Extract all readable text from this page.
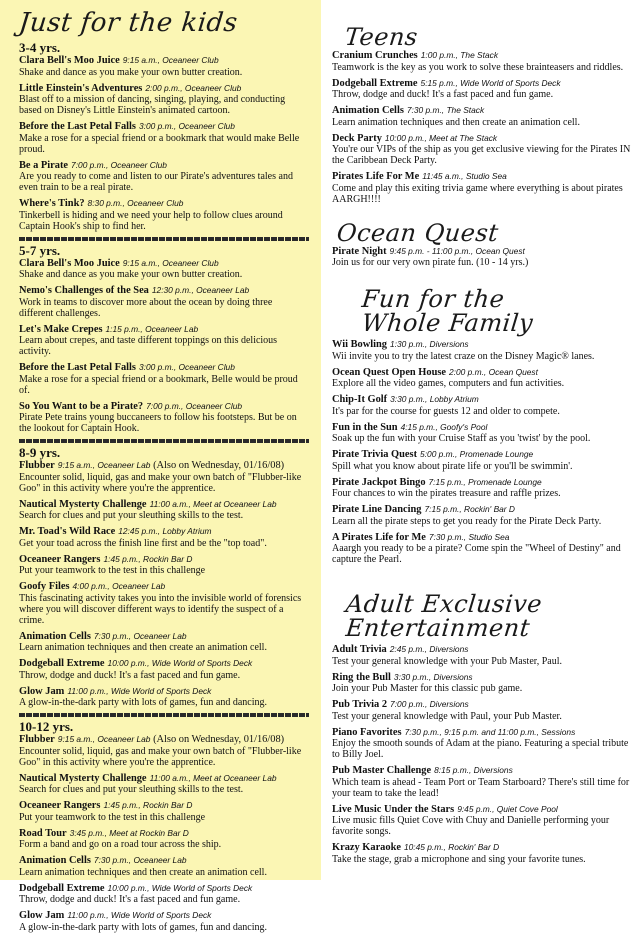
Just for the kids
3-4 yrs.
Clara Bell's Moo Juice 9:15 a.m., Oceaneer Club
Shake and dance as you make your own butter creation.
Little Einstein's Adventures 2:00 p.m., Oceaneer Club
Blast off to a mission of dancing, singing, playing, and conducting based on Disney's Little Einstein's animated cartoon.
Before the Last Petal Falls 3:00 p.m., Oceaneer Club
Make a rose for a special friend or a bookmark that would make Belle proud.
Be a Pirate 7:00 p.m., Oceaneer Club
Are you ready to come and listen to our Pirate's adventures tales and even train to be a real pirate.
Where's Tink? 8:30 p.m., Oceaneer Club
Tinkerbell is hiding and we need your help to follow clues around Captain Hook's ship to find her.
5-7 yrs.
Clara Bell's Moo Juice 9:15 a.m., Oceaneer Club
Shake and dance as you make your own butter creation.
Nemo's Challenges of the Sea 12:30 p.m., Oceaneer Lab
Work in teams to discover more about the ocean by doing three different challenges.
Let's Make Crepes 1:15 p.m., Oceaneer Lab
Learn about crepes, and taste different toppings on this delicious activity.
Before the Last Petal Falls 3:00 p.m., Oceaneer Club
Make a rose for a special friend or a bookmark, Belle would be proud of.
So You Want to be a Pirate? 7:00 p.m., Oceaneer Club
Pirate Pete trains young buccaneers to follow his footsteps. But be on the lookout for Captain Hook.
8-9 yrs.
Flubber 9:15 a.m., Oceaneer Lab (Also on Wednesday, 01/16/08)
Encounter solid, liquid, gas and make your own batch of "Flubber-like Goo" in this activity where you're the apprentice.
Nautical Mysterty Challenge 11:00 a.m., Meet at Oceaneer Lab
Search for clues and put your sleuthing skills to the test.
Mr. Toad's Wild Race 12:45 p.m., Lobby Atrium
Get your toad across the finish line first and be the "top toad".
Oceaneer Rangers 1:45 p.m., Rockin Bar D
Put your teamwork to the test in this challenge
Goofy Files 4:00 p.m., Oceaneer Lab
This fascinating activity takes you into the invisible world of forensics where you will discover different ways to identify the suspect of a crime.
Animation Cells 7:30 p.m., Oceaneer Lab
Learn animation techniques and then create an animation cell.
Dodgeball Extreme 10:00 p.m., Wide World of Sports Deck
Throw, dodge and duck! It's a fast paced and fun game.
Glow Jam 11:00 p.m., Wide World of Sports Deck
A glow-in-the-dark party with lots of games, fun and dancing.
10-12 yrs.
Flubber 9:15 a.m., Oceaneer Lab (Also on Wednesday, 01/16/08)
Encounter solid, liquid, gas and make your own batch of "Flubber-like Goo" in this activity where you're the apprentice.
Nautical Mysterty Challenge 11:00 a.m., Meet at Oceaneer Lab
Search for clues and put your sleuthing skills to the test.
Oceaneer Rangers 1:45 p.m., Rockin Bar D
Put your teamwork to the test in this challenge
Road Tour 3:45 p.m., Meet at Rockin Bar D
Form a band and go on a road tour across the ship.
Animation Cells 7:30 p.m., Oceaneer Lab
Learn animation techniques and then create an animation cell.
Dodgeball Extreme 10:00 p.m., Wide World of Sports Deck
Throw, dodge and duck! It's a fast paced and fun game.
Glow Jam 11:00 p.m., Wide World of Sports Deck
A glow-in-the-dark party with lots of games, fun and dancing.
Teens
Cranium Crunches 1:00 p.m., The Stack
Teamwork is the key as you work to solve these brainteasers and riddles.
Dodgeball Extreme 5:15 p.m., Wide World of Sports Deck
Throw, dodge and duck! It's a fast paced and fun game.
Animation Cells 7:30 p.m., The Stack
Learn animation techniques and then create an animation cell.
Deck Party 10:00 p.m., Meet at The Stack
You're our VIPs of the ship as you get exclusive viewing for the Pirates IN the Caribbean Deck Party.
Pirates Life For Me 11:45 a.m., Studio Sea
Come and play this exiting trivia game where everything is about pirates AARGH!!!!
Ocean Quest
Pirate Night 9:45 p.m. - 11:00 p.m., Ocean Quest
Join us for our very own pirate fun. (10 - 14 yrs.)
Fun for the
Whole Family
Wii Bowling 1:30 p.m., Diversions
Wii invite you to try the latest craze on the Disney Magic® lanes.
Ocean Quest Open House 2:00 p.m., Ocean Quest
Explore all the video games, computers and fun activities.
Chip-It Golf 3:30 p.m., Lobby Atrium
It's par for the course for guests 12 and older to compete.
Fun in the Sun 4:15 p.m., Goofy's Pool
Soak up the fun with your Cruise Staff as you 'twist' by the pool.
Pirate Trivia Quest 5:00 p.m., Promenade Lounge
Spill what you know about pirate life or you'll be swimmin'.
Pirate Jackpot Bingo 7:15 p.m., Promenade Lounge
Four chances to win the pirates treasure and raffle prizes.
Pirate Line Dancing 7:15 p.m., Rockin' Bar D
Learn all the pirate steps to get you ready for the Pirate Deck Party.
A Pirates Life for Me 7:30 p.m., Studio Sea
Aaargh you ready to be a pirate? Come spin the "Wheel of Destiny" and capture the Pearl.
Adult Exclusive
Entertainment
Adult Trivia 2:45 p.m., Diversions
Test your general knowledge with your Pub Master, Paul.
Ring the Bull 3:30 p.m., Diversions
Join your Pub Master for this classic pub game.
Pub Trivia 2 7:00 p.m., Diversions
Test your general knowledge with Paul, your Pub Master.
Piano Favorites 7:30 p.m., 9:15 p.m. and 11:00 p.m., Sessions
Enjoy the smooth sounds of Adam at the piano. Featuring a special tribute to Billy Joel.
Pub Master Challenge 8:15 p.m., Diversions
Which team is ahead - Team Port or Team Starboard? There's still time for your team to take the lead!
Live Music Under the Stars 9:45 p.m., Quiet Cove Pool
Live music fills Quiet Cove with Chuy and Danielle performing your favorite songs.
Krazy Karaoke 10:45 p.m., Rockin' Bar D
Take the stage, grab a microphone and sing your favorite tunes.
